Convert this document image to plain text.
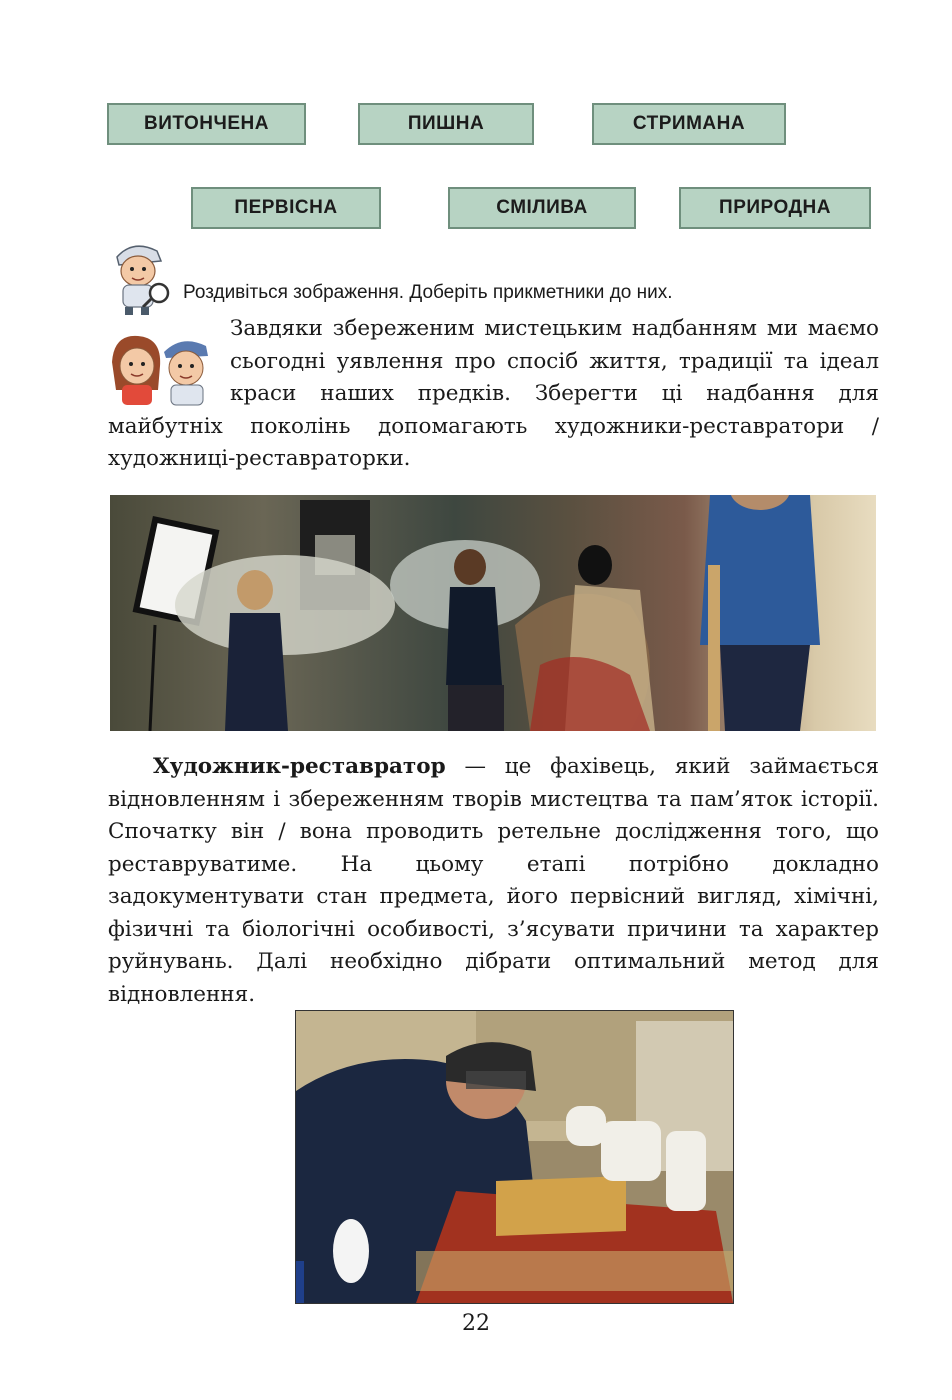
ВИТОНЧЕНА	ПИШНА	СТРИМАНА
ПЕРВІСНА	СМІЛИВА	ПРИРОДНА
Роздивіться зображення. Доберіть прикметники до них.
Завдяки збереженим мистецьким надбанням ми маємо сьогодні уявлення про спосіб життя, традиції та ідеал краси наших предків. Зберегти ці надбання для майбутніх поколінь допомагають художники-реставратори / художниці-реставраторки.
Художник-реставратор — це фахівець, який займається відновленням і збереженням творів мистецтва та пам’яток історії. Спочатку він / вона проводить ретельне дослідження того, що реставруватиме. На цьому етапі потрібно докладно задокументувати стан предмета, його первісний вигляд, хімічні, фізичні та біологічні особивості, з’ясувати причини та характер руйнувань. Далі необхідно дібрати оптимальний метод для відновлення.
22
